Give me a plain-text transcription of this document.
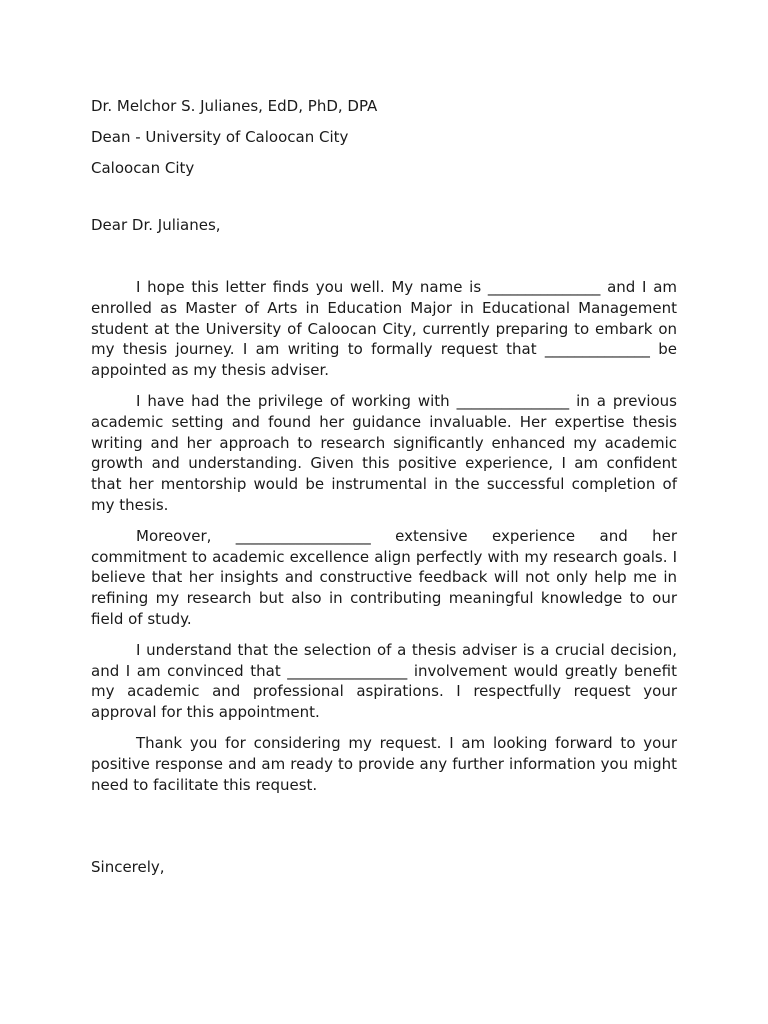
Dr. Melchor S. Julianes, EdD, PhD, DPA

Dean - University of Caloocan City

Caloocan City

Dear Dr. Julianes,

I hope this letter finds you well. My name is _______________ and I am enrolled as Master of Arts in Education Major in Educational Management student at the University of Caloocan City, currently preparing to embark on my thesis journey. I am writing to formally request that ______________ be appointed as my thesis adviser.

I have had the privilege of working with _______________ in a previous academic setting and found her guidance invaluable. Her expertise thesis writing and her approach to research significantly enhanced my academic growth and understanding. Given this positive experience, I am confident that her mentorship would be instrumental in the successful completion of my thesis.

Moreover, __________________ extensive experience and her commitment to academic excellence align perfectly with my research goals. I believe that her insights and constructive feedback will not only help me in refining my research but also in contributing meaningful knowledge to our field of study.

I understand that the selection of a thesis adviser is a crucial decision, and I am convinced that ________________ involvement would greatly benefit my academic and professional aspirations. I respectfully request your approval for this appointment.

Thank you for considering my request. I am looking forward to your positive response and am ready to provide any further information you might need to facilitate this request.

Sincerely,
